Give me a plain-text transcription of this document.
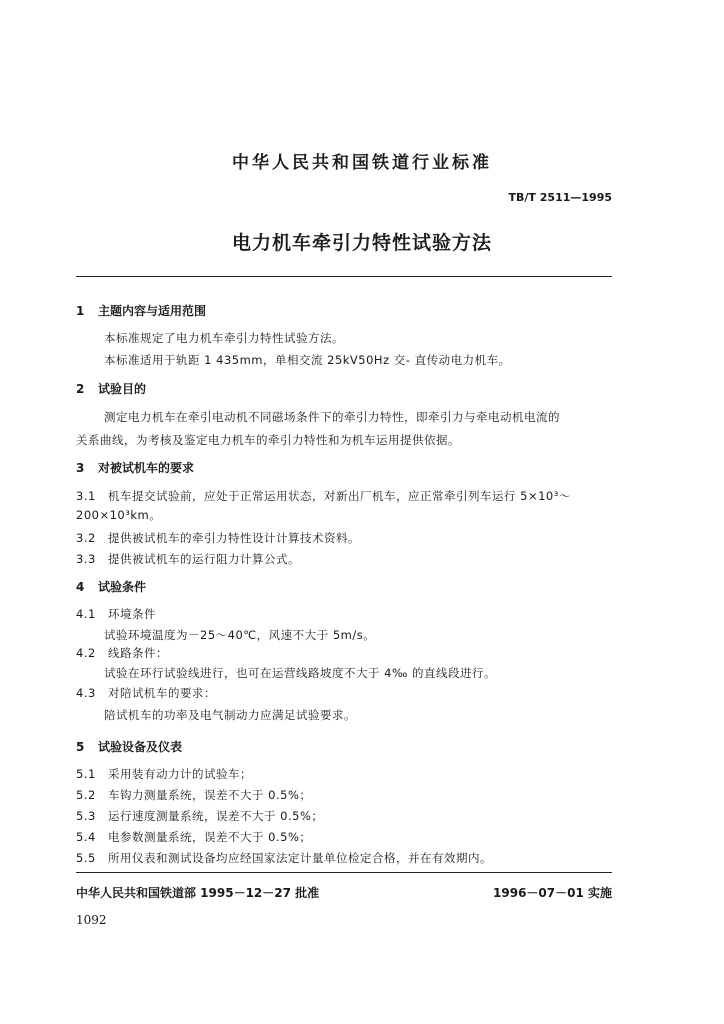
中华人民共和国铁道行业标准
TB/T 2511—1995
电力机车牵引力特性试验方法
1 主题内容与适用范围
本标准规定了电力机车牵引力特性试验方法。
本标准适用于轨距 1 435mm，单相交流 25kV50Hz 交- 直传动电力机车。
2 试验目的
测定电力机车在牵引电动机不同磁场条件下的牵引力特性，即牵引力与牵电动机电流的
关系曲线，为考核及鉴定电力机车的牵引力特性和为机车运用提供依据。
3 对被试机车的要求
3.1 机车提交试验前，应处于正常运用状态，对新出厂机车，应正常牵引列车运行 5×10³～
200×10³km。
3.2 提供被试机车的牵引力特性设计计算技术资料。
3.3 提供被试机车的运行阻力计算公式。
4 试验条件
4.1 环境条件
试验环境温度为－25～40℃，风速不大于 5m/s。
4.2 线路条件：
试验在环行试验线进行，也可在运营线路坡度不大于 4‰ 的直线段进行。
4.3 对陪试机车的要求：
陪试机车的功率及电气制动力应满足试验要求。
5 试验设备及仪表
5.1 采用装有动力计的试验车；
5.2 车钩力测量系统，误差不大于 0.5%；
5.3 运行速度测量系统，误差不大于 0.5%；
5.4 电参数测量系统，误差不大于 0.5%；
5.5 所用仪表和测试设备均应经国家法定计量单位检定合格，并在有效期内。
中华人民共和国铁道部 1995－12－27 批准	1996－07－01 实施
1092
